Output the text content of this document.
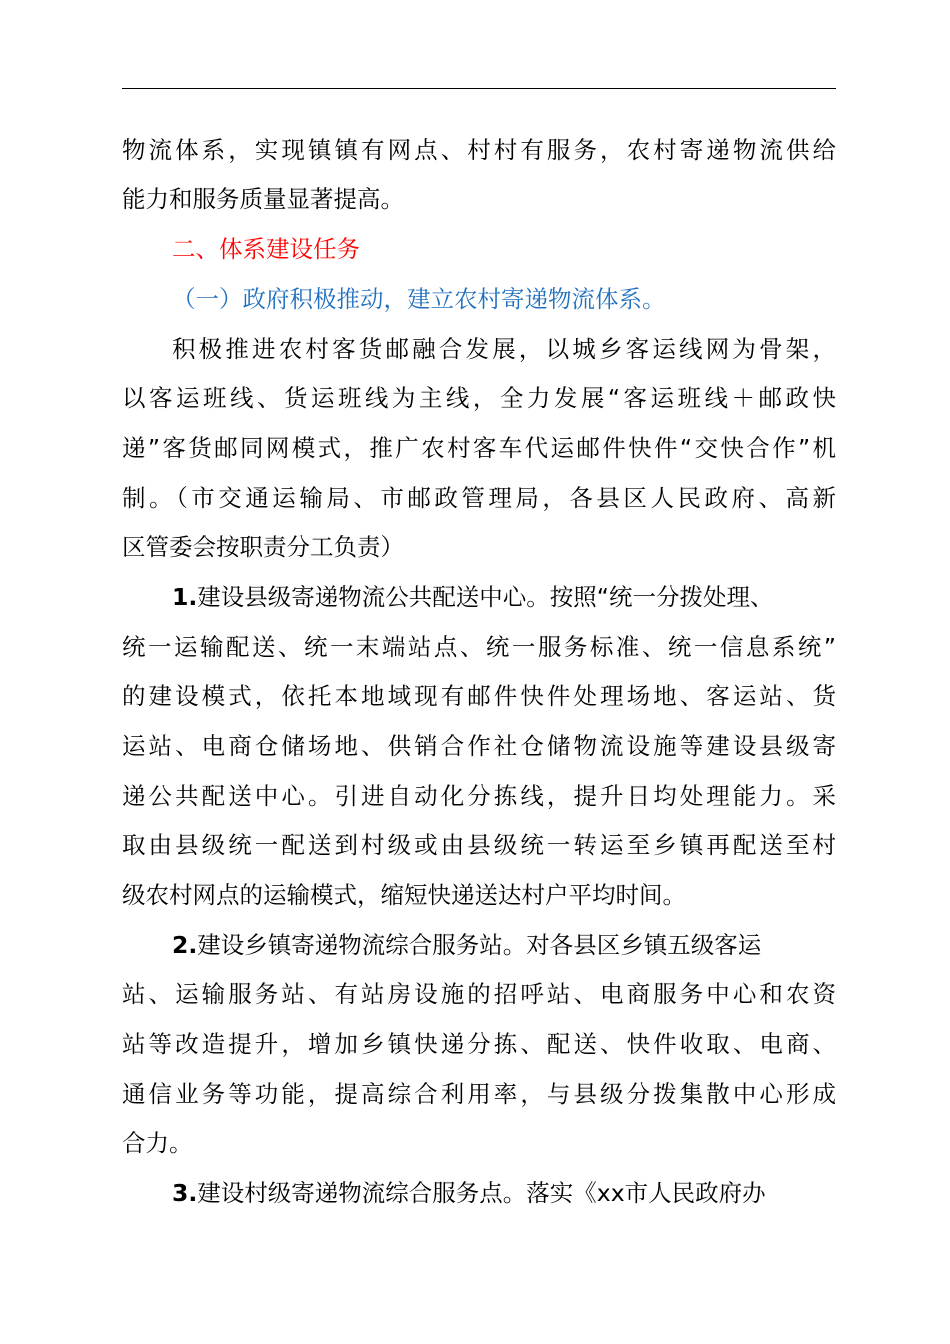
物流体系，实现镇镇有网点、村村有服务，农村寄递物流供给
能力和服务质量显著提高。
二、体系建设任务
（一）政府积极推动，建立农村寄递物流体系。
积极推进农村客货邮融合发展，以城乡客运线网为骨架，
以客运班线、货运班线为主线，全力发展“客运班线＋邮政快
递”客货邮同网模式，推广农村客车代运邮件快件“交快合作”机
制。（市交通运输局、市邮政管理局，各县区人民政府、高新
区管委会按职责分工负责）
1.建设县级寄递物流公共配送中心。按照“统一分拨处理、
统一运输配送、统一末端站点、统一服务标准、统一信息系统”
的建设模式，依托本地域现有邮件快件处理场地、客运站、货
运站、电商仓储场地、供销合作社仓储物流设施等建设县级寄
递公共配送中心。引进自动化分拣线，提升日均处理能力。采
取由县级统一配送到村级或由县级统一转运至乡镇再配送至村
级农村网点的运输模式，缩短快递送达村户平均时间。
2.建设乡镇寄递物流综合服务站。对各县区乡镇五级客运
站、运输服务站、有站房设施的招呼站、电商服务中心和农资
站等改造提升，增加乡镇快递分拣、配送、快件收取、电商、
通信业务等功能，提高综合利用率，与县级分拨集散中心形成
合力。
3.建设村级寄递物流综合服务点。落实《xx市人民政府办
